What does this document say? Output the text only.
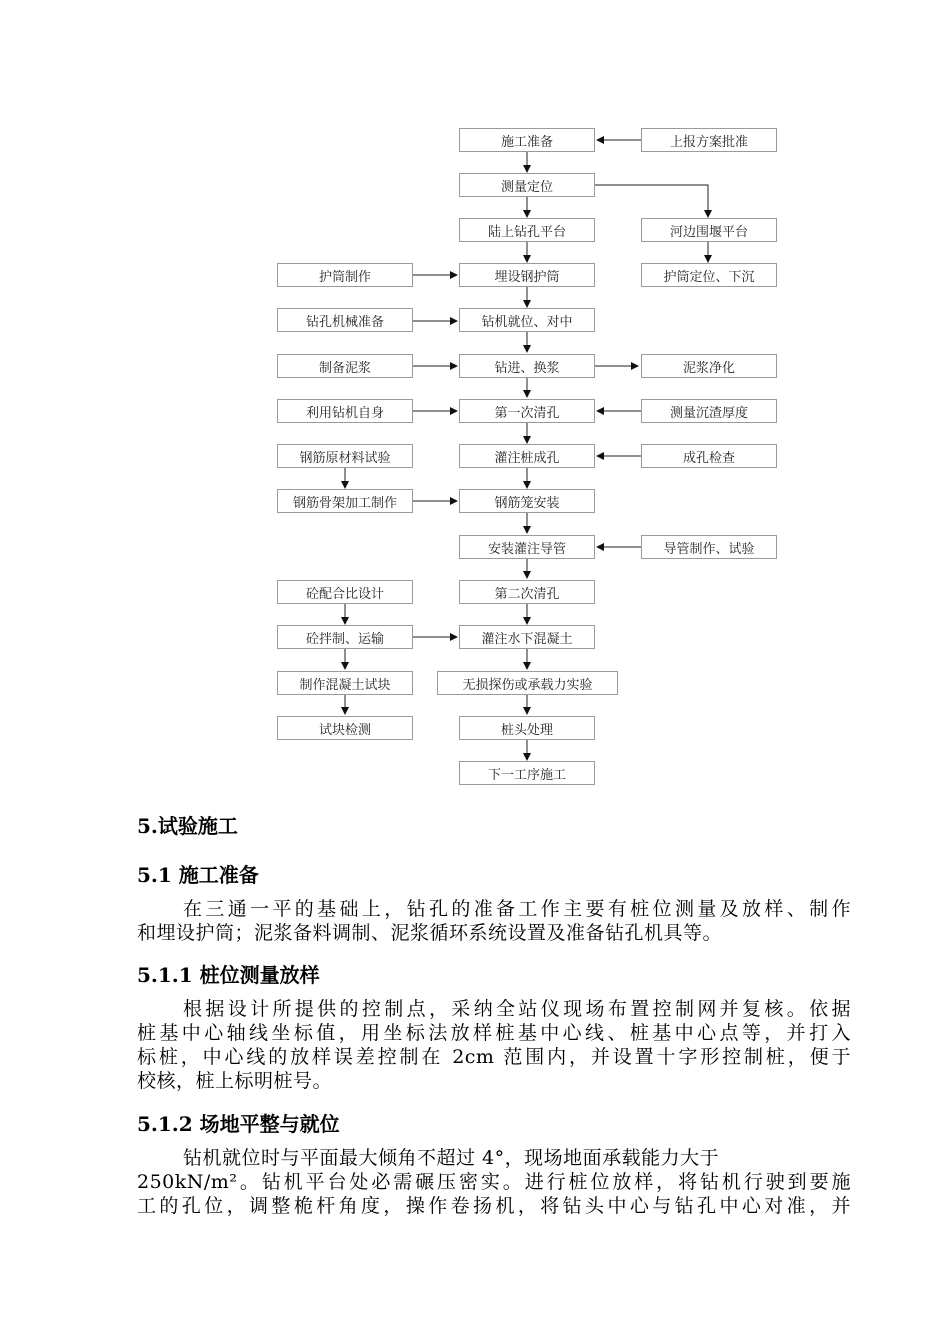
施工准备
测量定位
陆上钻孔平台
埋设钢护筒
钻机就位、对中
钻进、换浆
第一次清孔
灌注桩成孔
钢筋笼安装
安装灌注导管
第二次清孔
灌注水下混凝土
无损探伤或承载力实验
桩头处理
下一工序施工
上报方案批准
河边围堰平台
护筒定位、下沉
泥浆净化
测量沉渣厚度
成孔检查
导管制作、试验
护筒制作
钻孔机械准备
制备泥浆
利用钻机自身
钢筋原材料试验
钢筋骨架加工制作
砼配合比设计
砼拌制、运输
制作混凝土试块
试块检测
5.试验施工
5.1 施工准备
在三通一平的基础上，钻孔的准备工作主要有桩位测量及放样、制作
和埋设护筒；泥浆备料调制、泥浆循环系统设置及准备钻孔机具等。
5.1.1 桩位测量放样
根据设计所提供的控制点，采纳全站仪现场布置控制网并复核。依据
桩基中心轴线坐标值，用坐标法放样桩基中心线、桩基中心点等，并打入
标桩，中心线的放样误差控制在 2cm 范围内，并设置十字形控制桩，便于
校核，桩上标明桩号。
5.1.2 场地平整与就位
钻机就位时与平面最大倾角不超过 4°，现场地面承载能力大于
250kN/m²。钻机平台处必需碾压密实。进行桩位放样，将钻机行驶到要施
工的孔位，调整桅杆角度，操作卷扬机，将钻头中心与钻孔中心对准，并
